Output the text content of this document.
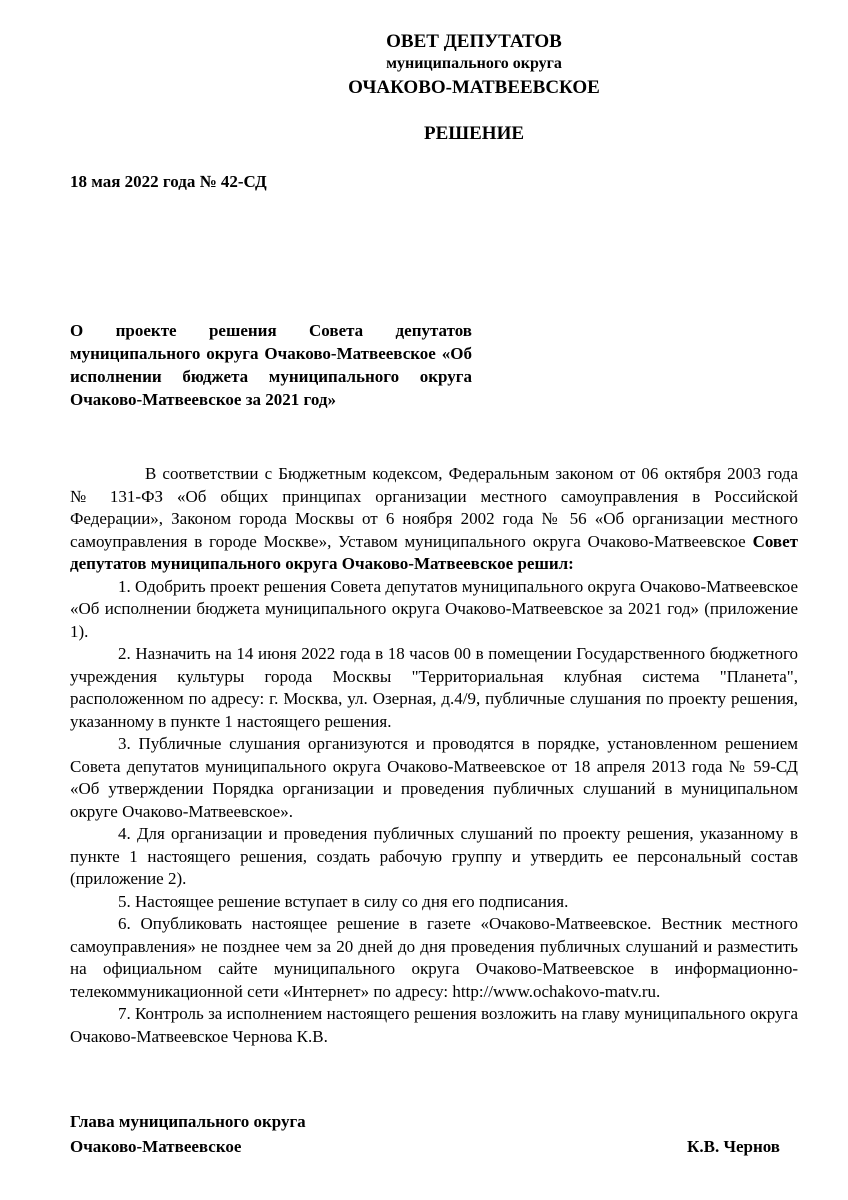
ОВЕТ ДЕПУТАТОВ
муниципального округа
ОЧАКОВО-МАТВЕЕВСКОЕ
РЕШЕНИЕ
18 мая 2022 года № 42-СД
О проекте решения Совета депутатов муниципального округа Очаково-Матвеевское «Об исполнении бюджета муниципального округа Очаково-Матвеевское за 2021 год»

В соответствии с Бюджетным кодексом, Федеральным законом от 06 октября 2003 года № 131-ФЗ «Об общих принципах организации местного самоуправления в Российской Федерации», Законом города Москвы от 6 ноября 2002 года № 56 «Об организации местного самоуправления в городе Москве», Уставом муниципального округа Очаково-Матвеевское Совет депутатов муниципального округа Очаково-Матвеевское решил:

1. Одобрить проект решения Совета депутатов муниципального округа Очаково-Матвеевское «Об исполнении бюджета муниципального округа Очаково-Матвеевское за 2021 год» (приложение 1).

2. Назначить на 14 июня 2022 года в 18 часов 00 в помещении Государственного бюджетного учреждения культуры города Москвы "Территориальная клубная система "Планета", расположенном по адресу: г. Москва, ул. Озерная, д.4/9, публичные слушания по проекту решения, указанному в пункте 1 настоящего решения.

3. Публичные слушания организуются и проводятся в порядке, установленном решением Совета депутатов муниципального округа Очаково-Матвеевское от 18 апреля 2013 года № 59-СД «Об утверждении Порядка организации и проведения публичных слушаний в муниципальном округе Очаково-Матвеевское».

4. Для организации и проведения публичных слушаний по проекту решения, указанному в пункте 1 настоящего решения, создать рабочую группу и утвердить ее персональный состав (приложение 2).

5. Настоящее решение вступает в силу со дня его подписания.

6. Опубликовать настоящее решение в газете «Очаково-Матвеевское. Вестник местного самоуправления» не позднее чем за 20 дней до дня проведения публичных слушаний и разместить на официальном сайте муниципального округа Очаково-Матвеевское в информационно-телекоммуникационной сети «Интернет» по адресу: http://www.ochakovo-matv.ru.

7. Контроль за исполнением настоящего решения возложить на главу муниципального округа Очаково-Матвеевское Чернова К.В.

Глава муниципального округа
Очаково-Матвеевское	К.В. Чернов
